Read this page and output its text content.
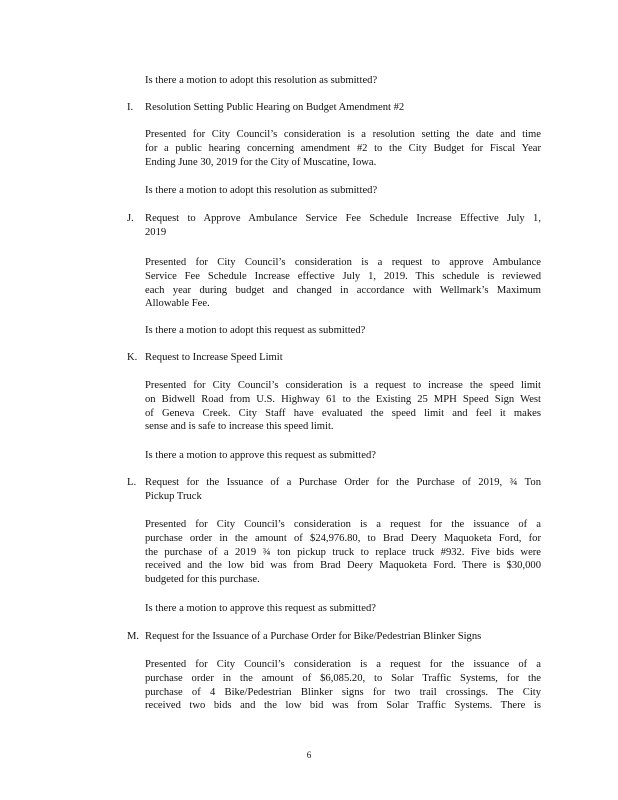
Is there a motion to adopt this resolution as submitted?
I. Resolution Setting Public Hearing on Budget Amendment #2
Presented for City Council’s consideration is a resolution setting the date and time
for a public hearing concerning amendment #2 to the City Budget for Fiscal Year
Ending June 30, 2019 for the City of Muscatine, Iowa.
Is there a motion to adopt this resolution as submitted?
J. Request to Approve Ambulance Service Fee Schedule Increase Effective July 1,
2019
Presented for City Council’s consideration is a request to approve Ambulance
Service Fee Schedule Increase effective July 1, 2019. This schedule is reviewed
each year during budget and changed in accordance with Wellmark’s Maximum
Allowable Fee.
Is there a motion to adopt this request as submitted?
K. Request to Increase Speed Limit
Presented for City Council’s consideration is a request to increase the speed limit
on Bidwell Road from U.S. Highway 61 to the Existing 25 MPH Speed Sign West
of Geneva Creek. City Staff have evaluated the speed limit and feel it makes
sense and is safe to increase this speed limit.
Is there a motion to approve this request as submitted?
L. Request for the Issuance of a Purchase Order for the Purchase of 2019, ¾ Ton
Pickup Truck
Presented for City Council’s consideration is a request for the issuance of a
purchase order in the amount of $24,976.80, to Brad Deery Maquoketa Ford, for
the purchase of a 2019 ¾ ton pickup truck to replace truck #932. Five bids were
received and the low bid was from Brad Deery Maquoketa Ford. There is $30,000
budgeted for this purchase.
Is there a motion to approve this request as submitted?
M. Request for the Issuance of a Purchase Order for Bike/Pedestrian Blinker Signs
Presented for City Council’s consideration is a request for the issuance of a
purchase order in the amount of $6,085.20, to Solar Traffic Systems, for the
purchase of 4 Bike/Pedestrian Blinker signs for two trail crossings. The City
received two bids and the low bid was from Solar Traffic Systems. There is
6
